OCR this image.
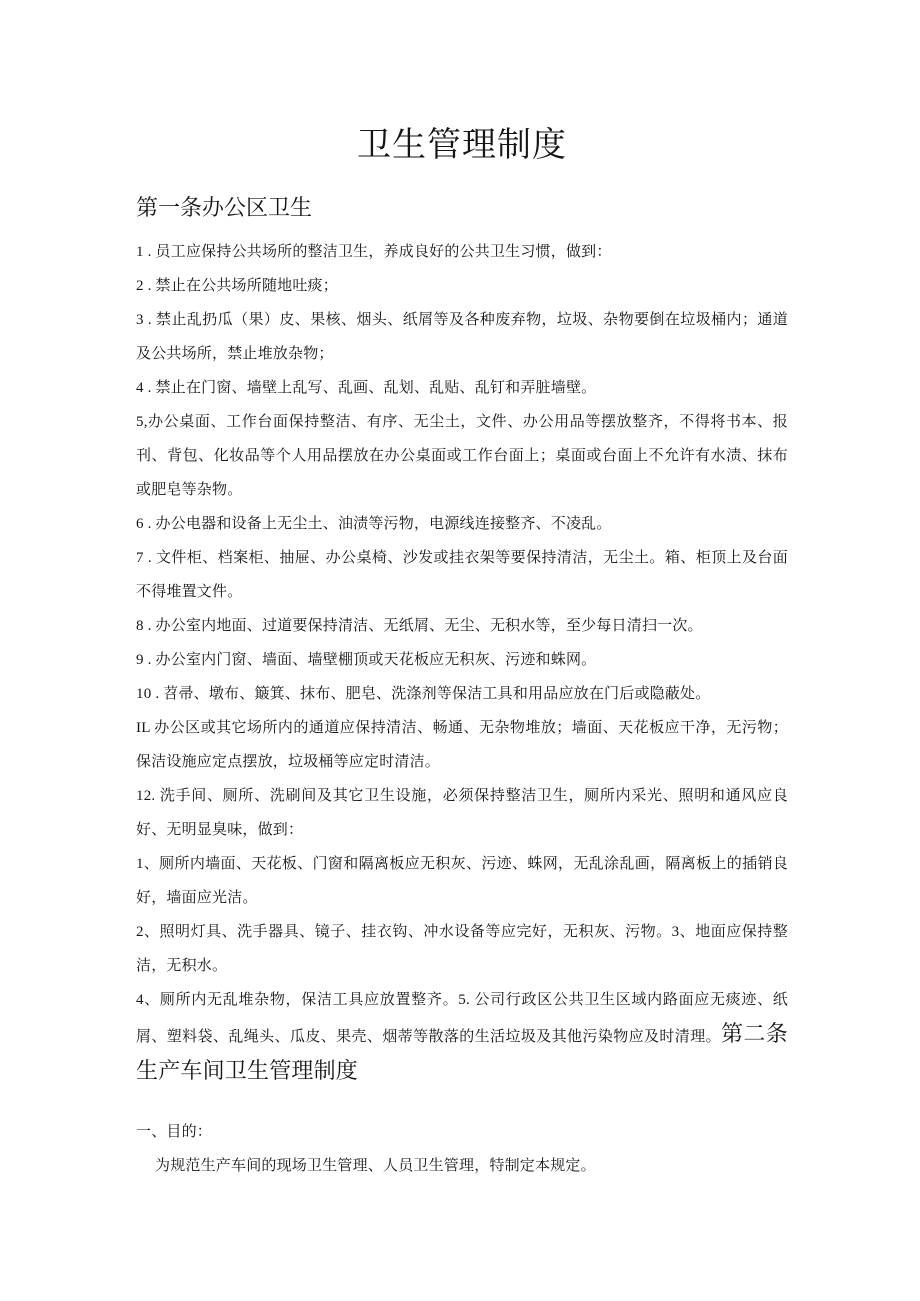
卫生管理制度
第一条办公区卫生

1 . 员工应保持公共场所的整洁卫生，养成良好的公共卫生习惯，做到：

2 . 禁止在公共场所随地吐痰；

3 . 禁止乱扔瓜（果）皮、果核、烟头、纸屑等及各种废弃物，垃圾、杂物要倒在垃圾桶内；通道及公共场所，禁止堆放杂物；

4 . 禁止在门窗、墙壁上乱写、乱画、乱划、乱贴、乱钉和弄脏墙壁。

5,办公桌面、工作台面保持整洁、有序、无尘土，文件、办公用品等摆放整齐，不得将书本、报刊、背包、化妆品等个人用品摆放在办公桌面或工作台面上；桌面或台面上不允许有水渍、抹布或肥皂等杂物。

6 . 办公电器和设备上无尘土、油渍等污物，电源线连接整齐、不凌乱。

7 . 文件柜、档案柜、抽屉、办公桌椅、沙发或挂衣架等要保持清洁，无尘土。箱、柜顶上及台面不得堆置文件。

8 . 办公室内地面、过道要保持清洁、无纸屑、无尘、无积水等，至少每日清扫一次。

9 . 办公室内门窗、墙面、墙壁棚顶或天花板应无积灰、污迹和蛛网。

10 . 苕帚、墩布、簸箕、抹布、肥皂、洗涤剂等保洁工具和用品应放在门后或隐蔽处。

IL 办公区或其它场所内的通道应保持清洁、畅通、无杂物堆放；墙面、天花板应干净，无污物；保洁设施应定点摆放，垃圾桶等应定时清洁。

12. 洗手间、厕所、洗刷间及其它卫生设施，必须保持整洁卫生，厕所内采光、照明和通风应良好、无明显臭味，做到：

1、厕所内墙面、天花板、门窗和隔离板应无积灰、污迹、蛛网，无乱涂乱画，隔离板上的插销良好，墙面应光洁。

2、照明灯具、洗手器具、镜子、挂衣钩、冲水设备等应完好，无积灰、污物。3、地面应保持整洁，无积水。

4、厕所内无乱堆杂物，保洁工具应放置整齐。5. 公司行政区公共卫生区域内路面应无痰迹、纸屑、塑料袋、乱绳头、瓜皮、果壳、烟蒂等散落的生活垃圾及其他污染物应及时清理。第二条生产车间卫生管理制度

一、目的：

为规范生产车间的现场卫生管理、人员卫生管理，特制定本规定。
